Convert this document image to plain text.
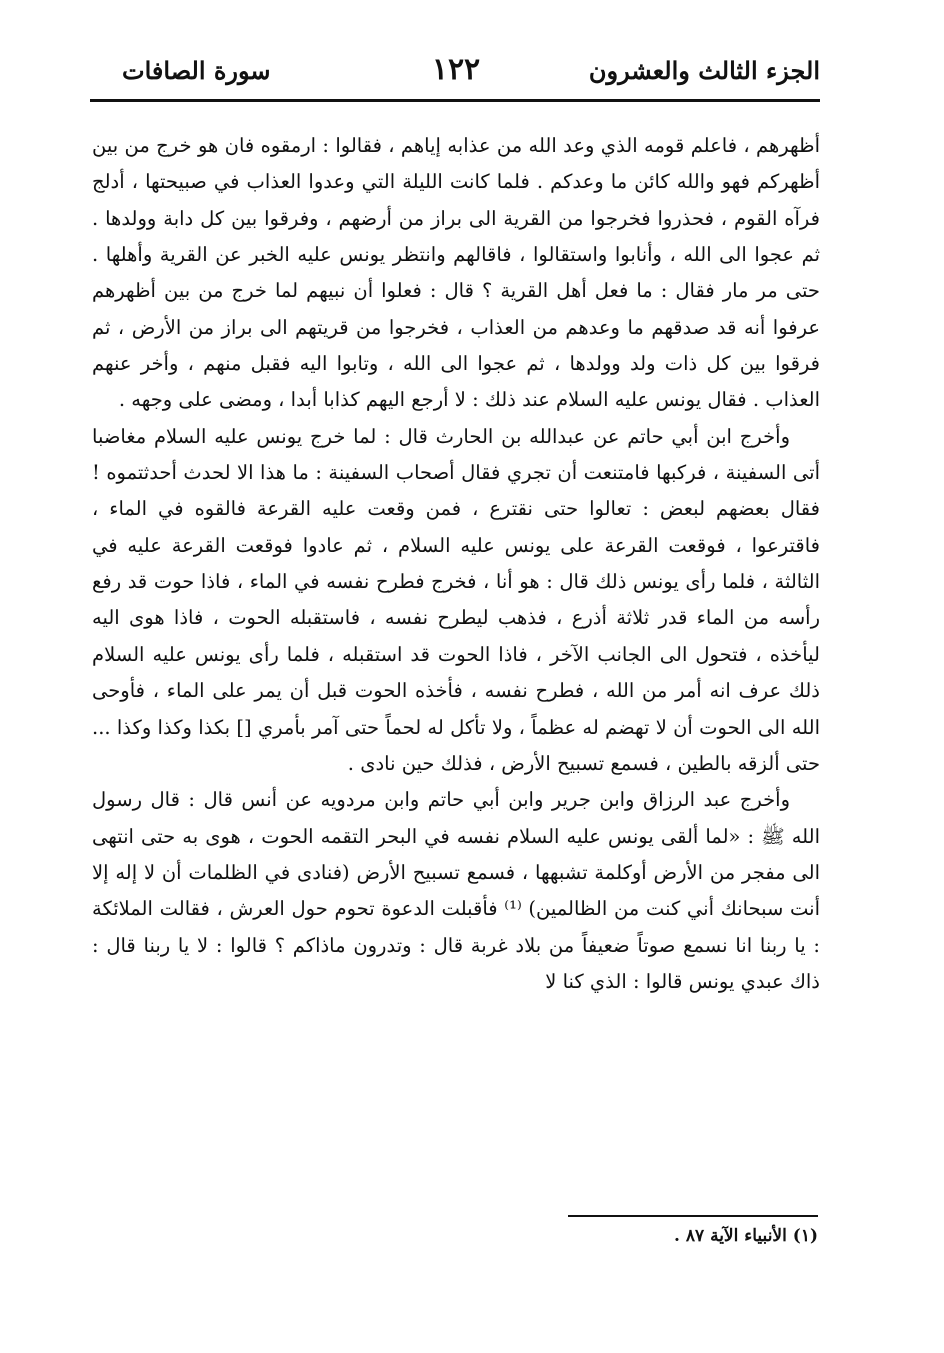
الجزء الثالث والعشرون
١٢٢
سورة الصافات

أظهرهم ، فاعلم قومه الذي وعد الله من عذابه إياهم ، فقالوا : ارمقوه فان هو خرج من بين أظهركم فهو والله كائن ما وعدكم . فلما كانت الليلة التي وعدوا العذاب في صبيحتها ، أدلج فرآه القوم ، فحذروا فخرجوا من القرية الى براز من أرضهم ، وفرقوا بين كل دابة وولدها . ثم عجوا الى الله ، وأنابوا واستقالوا ، فاقالهم وانتظر يونس عليه الخبر عن القرية وأهلها . حتى مر مار فقال : ما فعل أهل القرية ؟ قال : فعلوا أن نبيهم لما خرج من بين أظهرهم عرفوا أنه قد صدقهم ما وعدهم من العذاب ، فخرجوا من قريتهم الى براز من الأرض ، ثم فرقوا بين كل ذات ولد وولدها ، ثم عجوا الى الله ، وتابوا اليه فقبل منهم ، وأخر عنهم العذاب . فقال يونس عليه السلام عند ذلك : لا أرجع اليهم كذابا أبدا ، ومضى على وجهه .

وأخرج ابن أبي حاتم عن عبدالله بن الحارث قال : لما خرج يونس عليه السلام مغاضبا أتى السفينة ، فركبها فامتنعت أن تجري فقال أصحاب السفينة : ما هذا الا لحدث أحدثتموه ! فقال بعضهم لبعض : تعالوا حتى نقترع ، فمن وقعت عليه القرعة فالقوه في الماء ، فاقترعوا ، فوقعت القرعة على يونس عليه السلام ، ثم عادوا فوقعت القرعة عليه في الثالثة ، فلما رأى يونس ذلك قال : هو أنا ، فخرج فطرح نفسه في الماء ، فاذا حوت قد رفع رأسه من الماء قدر ثلاثة أذرع ، فذهب ليطرح نفسه ، فاستقبله الحوت ، فاذا هوى اليه ليأخذه ، فتحول الى الجانب الآخر ، فاذا الحوت قد استقبله ، فلما رأى يونس عليه السلام ذلك عرف انه أمر من الله ، فطرح نفسه ، فأخذه الحوت قبل أن يمر على الماء ، فأوحى الله الى الحوت أن لا تهضم له عظماً ، ولا تأكل له لحماً حتى آمر بأمري [] بكذا وكذا وكذا ... حتى ألزقه بالطين ، فسمع تسبيح الأرض ، فذلك حين نادى .

وأخرج عبد الرزاق وابن جرير وابن أبي حاتم وابن مردويه عن أنس قال : قال رسول الله ﷺ : «لما ألقى يونس عليه السلام نفسه في البحر التقمه الحوت ، هوى به حتى انتهى الى مفجر من الأرض أوكلمة تشبهها ، فسمع تسبيح الأرض (فنادى في الظلمات أن لا إله إلا أنت سبحانك أني كنت من الظالمين) ⁽¹⁾ فأقبلت الدعوة تحوم حول العرش ، فقالت الملائكة : يا ربنا انا نسمع صوتاً ضعيفاً من بلاد غربة قال : وتدرون ماذاكم ؟ قالوا : لا يا ربنا قال : ذاك عبدي يونس قالوا : الذي كنا لا

(١) الأنبياء الآية ٨٧ .
